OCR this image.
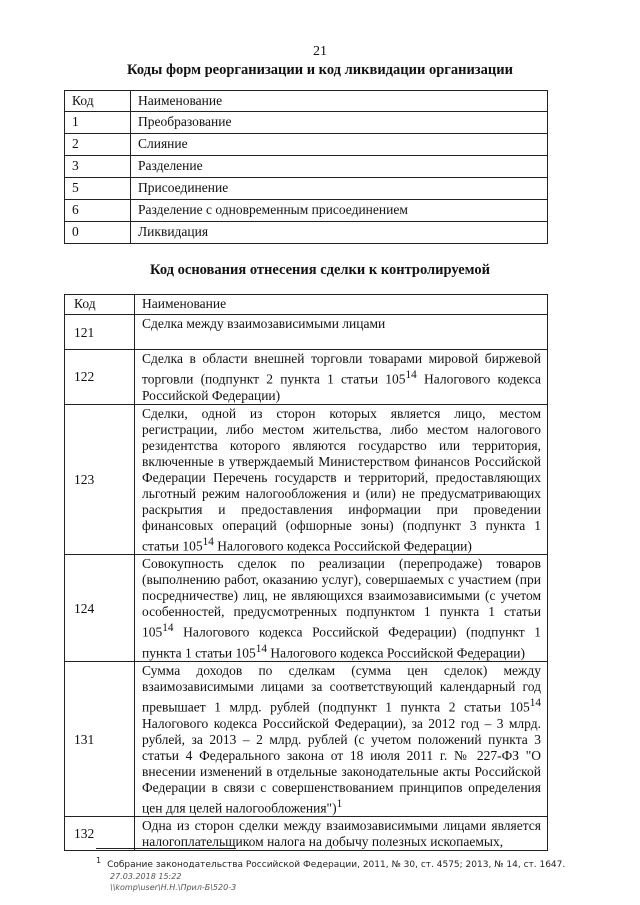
21
Коды форм реорганизации и код ликвидации организации
Код	Наименование
1	Преобразование
2	Слияние
3	Разделение
5	Присоединение
6	Разделение с одновременным присоединением
0	Ликвидация
Код основания отнесения сделки к контролируемой
Код	Наименование
121	Сделка между взаимозависимыми лицами
122	Сделка в области внешней торговли товарами мировой биржевой торговли (подпункт 2 пункта 1 статьи $105^{14}$ Налогового кодекса Российской Федерации)
123	Сделки, одной из сторон которых является лицо, местом регистрации, либо местом жительства, либо местом налогового резидентства которого являются государство или территория, включенные в утверждаемый Министерством финансов Российской Федерации Перечень государств и территорий, предоставляющих льготный режим налогообложения и (или) не предусматривающих раскрытия и предоставления информации при проведении финансовых операций (офшорные зоны) (подпункт 3 пункта 1 статьи $105^{14}$ Налогового кодекса Российской Федерации)
124	Совокупность сделок по реализации (перепродаже) товаров (выполнению работ, оказанию услуг), совершаемых с участием (при посредничестве) лиц, не являющихся взаимозависимыми (с учетом особенностей, предусмотренных подпунктом 1 пункта 1 статьи $105^{14}$ Налогового кодекса Российской Федерации) (подпункт 1 пункта 1 статьи $105^{14}$ Налогового кодекса Российской Федерации)
131	Сумма доходов по сделкам (сумма цен сделок) между взаимозависимыми лицами за соответствующий календарный год превышает 1 млрд. рублей (подпункт 1 пункта 2 статьи $105^{14}$ Налогового кодекса Российской Федерации), за 2012 год – 3 млрд. рублей, за 2013 – 2 млрд. рублей (с учетом положений пункта 3 статьи 4 Федерального закона от 18 июля 2011 г. № 227-ФЗ "О внесении изменений в отдельные законодательные акты Российской Федерации в связи с совершенствованием принципов определения цен для целей налогообложения")$^1$
132	Одна из сторон сделки между взаимозависимыми лицами является налогоплательщиком налога на добычу полезных ископаемых,
$^1$ Собрание законодательства Российской Федерации, 2011, № 30, ст. 4575; 2013, № 14, ст. 1647.
27.03.2018 15:22
\\komp\user\Н.Н.\Прил-Б\520-3
